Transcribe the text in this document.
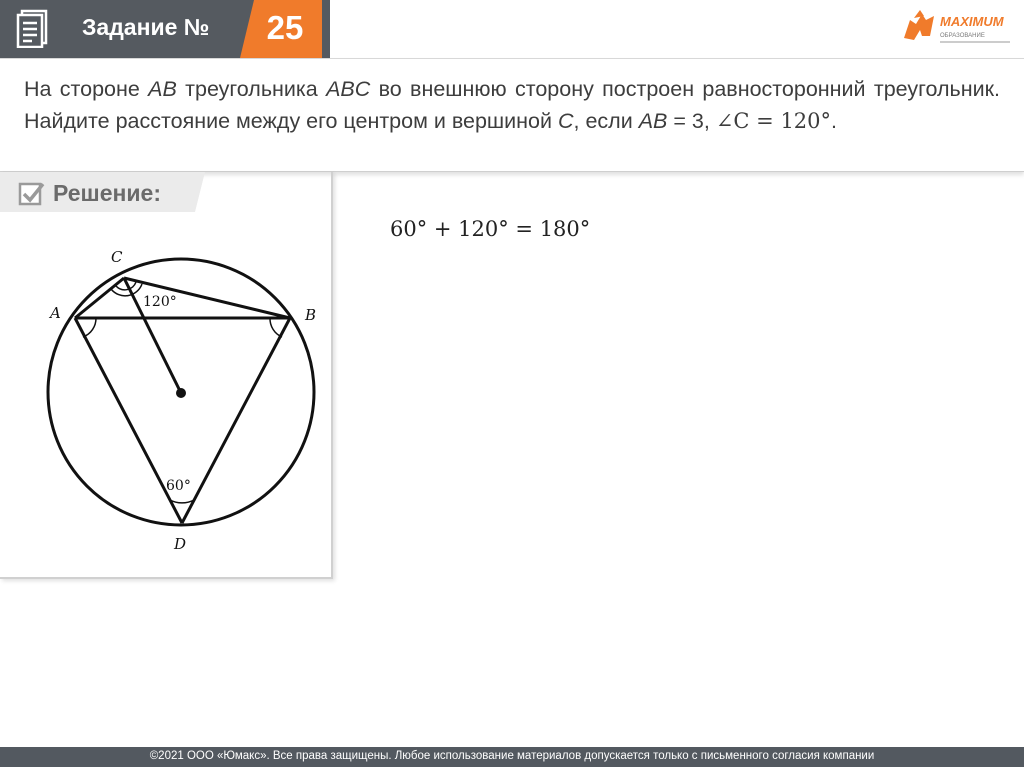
Задание №	25	MAXIMUM
ОБРАЗОВАНИЕ
На стороне AB треугольника ABC во внешнюю сторону построен равносторонний треугольник. Найдите расстояние между его центром и вершиной C, если AB = 3, ∠C = 120°.
Решение:
C
A	B
D
120°
60°
60° + 120° = 180°
©2021 ООО «Юмакс». Все права защищены. Любое использование материалов допускается только с письменного согласия компании
